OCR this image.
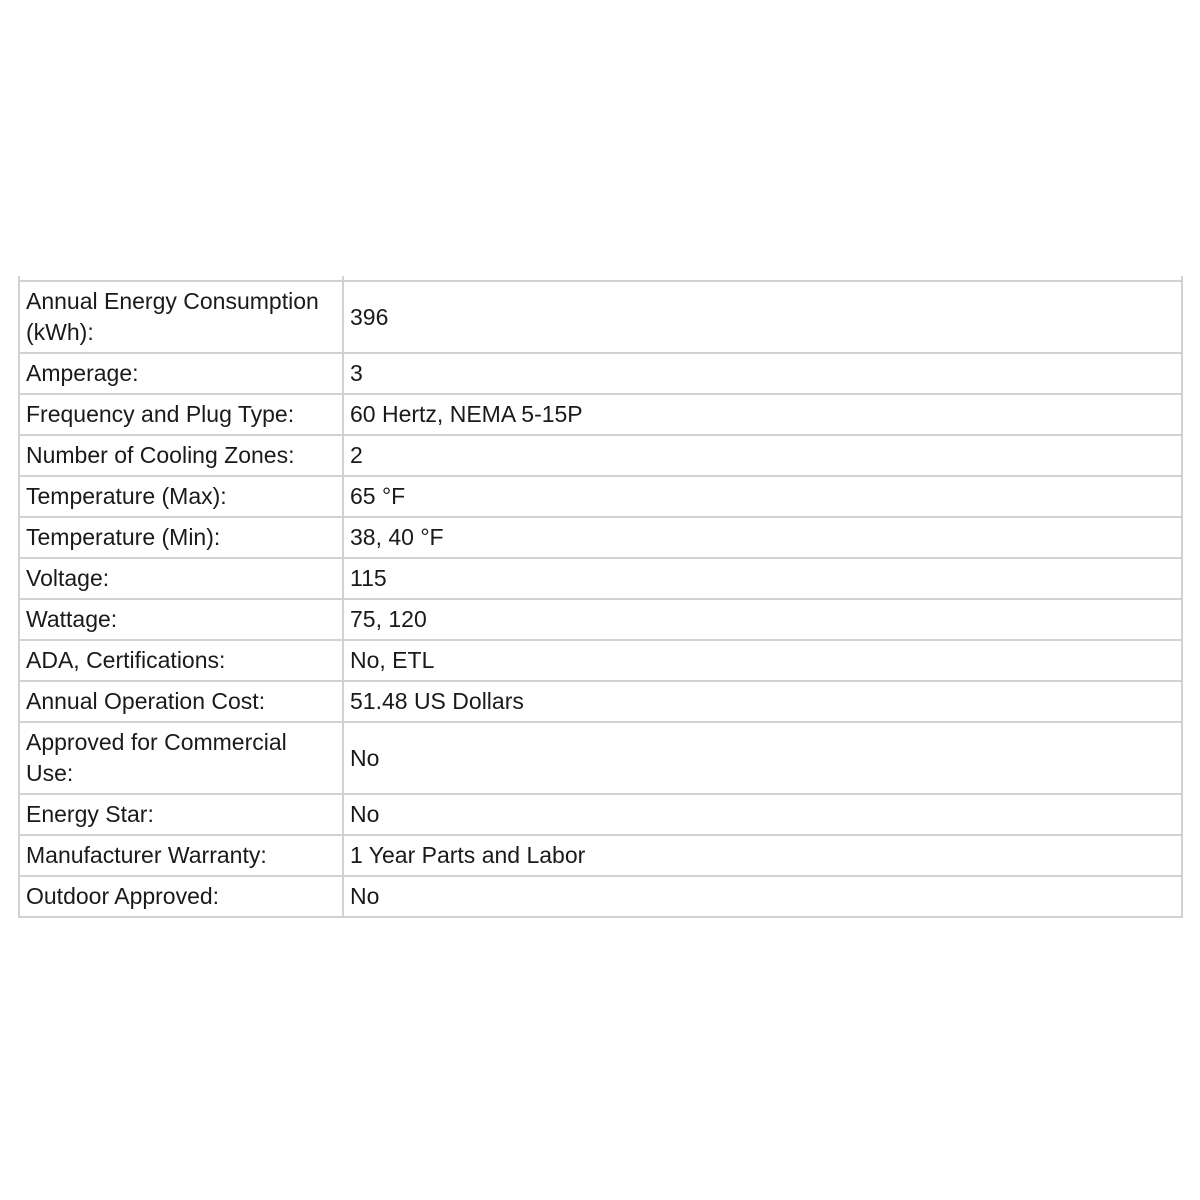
Annual Energy Consumption (kWh):	396
Amperage:	3
Frequency and Plug Type:	60 Hertz, NEMA 5-15P
Number of Cooling Zones:	2
Temperature (Max):	65 °F
Temperature (Min):	38, 40 °F
Voltage:	115
Wattage:	75, 120
ADA, Certifications:	No, ETL
Annual Operation Cost:	51.48 US Dollars
Approved for Commercial Use:	No
Energy Star:	No
Manufacturer Warranty:	1 Year Parts and Labor
Outdoor Approved:	No
